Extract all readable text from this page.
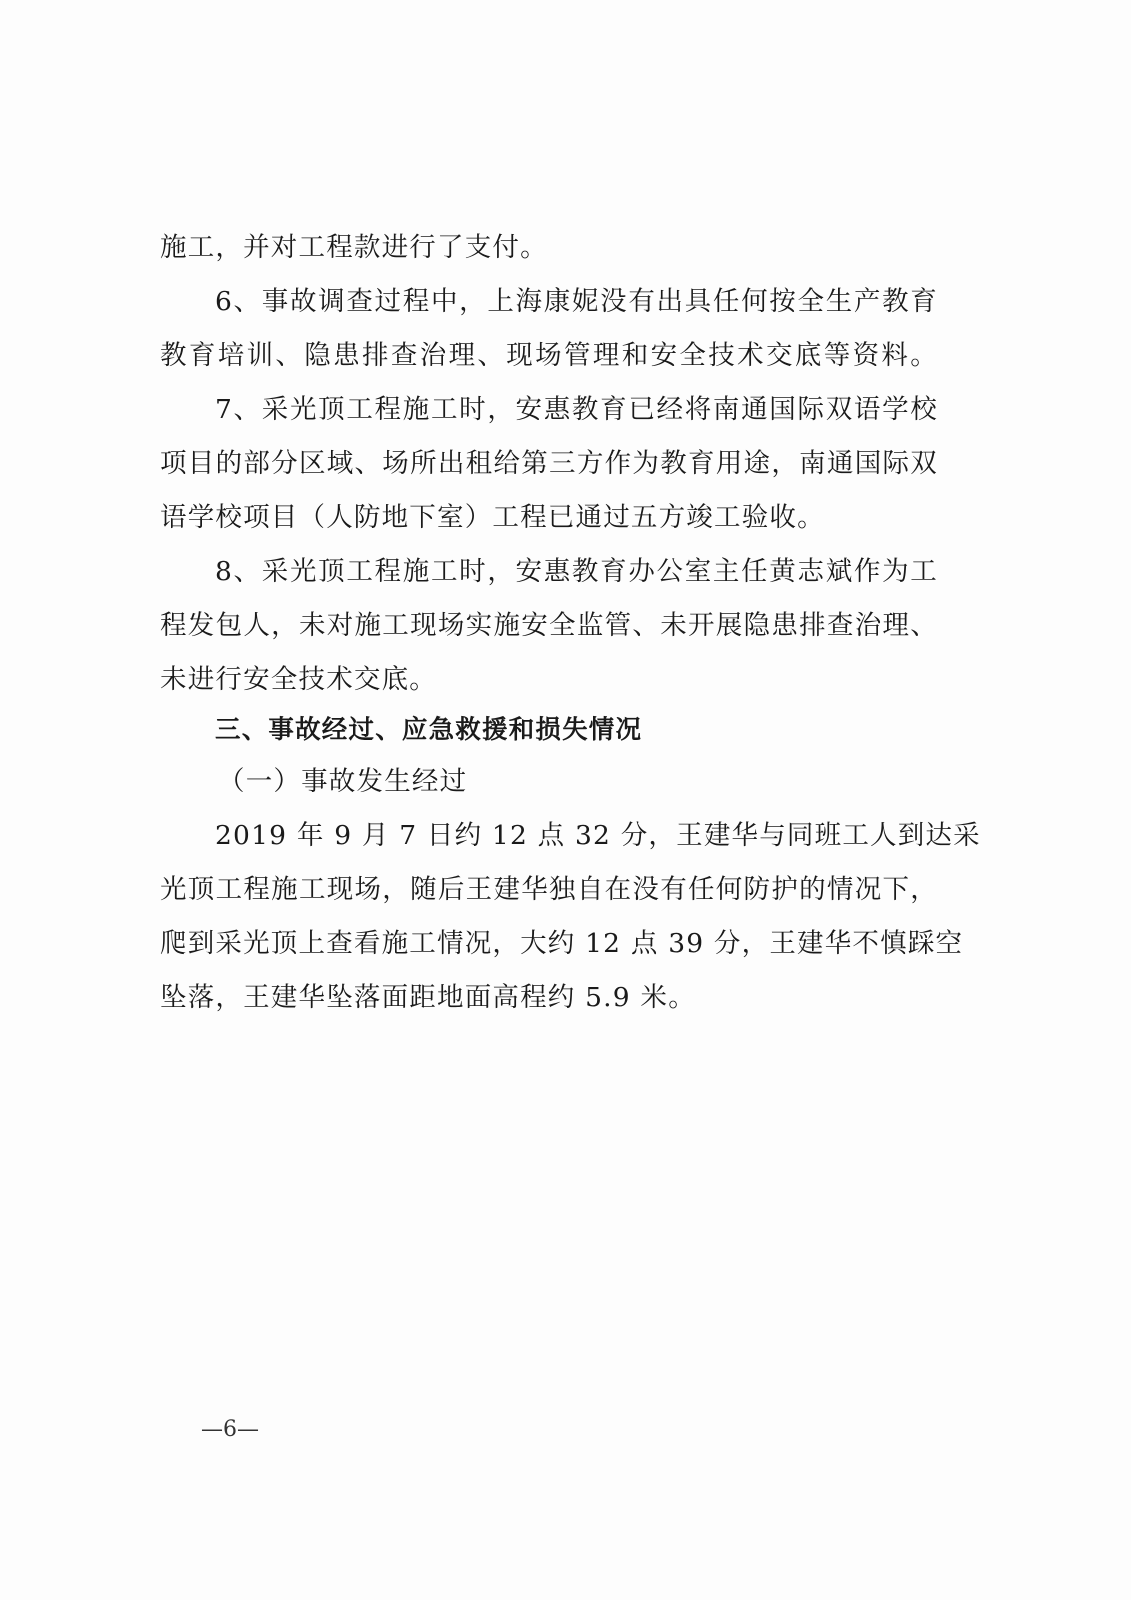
施工，并对工程款进行了支付。
6、事故调查过程中，上海康妮没有出具任何按全生产教育
教育培训、隐患排查治理、现场管理和安全技术交底等资料。
7、采光顶工程施工时，安惠教育已经将南通国际双语学校
项目的部分区域、场所出租给第三方作为教育用途，南通国际双
语学校项目（人防地下室）工程已通过五方竣工验收。
8、采光顶工程施工时，安惠教育办公室主任黄志斌作为工
程发包人，未对施工现场实施安全监管、未开展隐患排查治理、
未进行安全技术交底。
三、事故经过、应急救援和损失情况
（一）事故发生经过
2019 年 9 月 7 日约 12 点 32 分，王建华与同班工人到达采
光顶工程施工现场，随后王建华独自在没有任何防护的情况下，
爬到采光顶上查看施工情况，大约 12 点 39 分，王建华不慎踩空
坠落，王建华坠落面距地面高程约 5.9 米。
—6—
